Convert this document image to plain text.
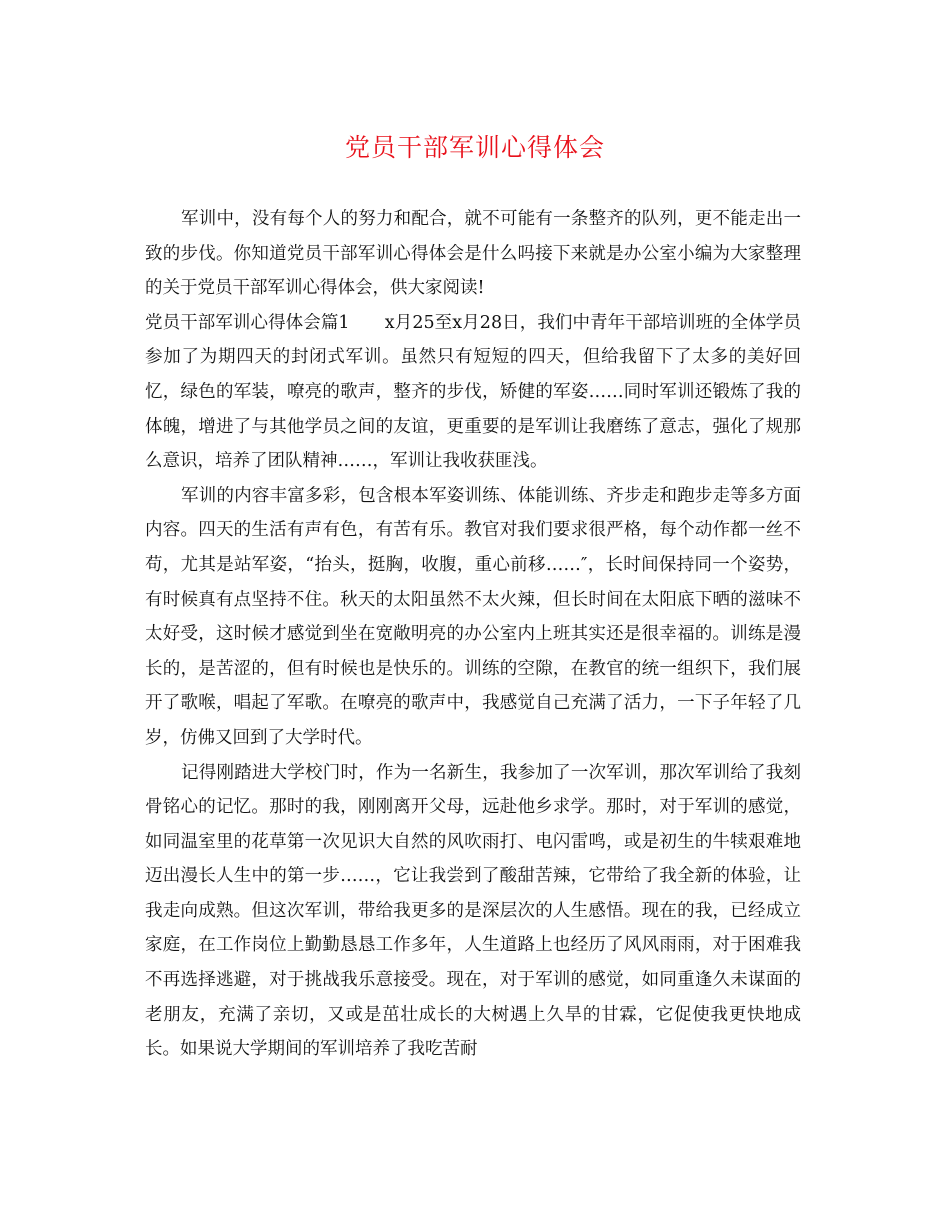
党员干部军训心得体会

军训中，没有每个人的努力和配合，就不可能有一条整齐的队列，更不能走出一致的步伐。你知道党员干部军训心得体会是什么吗接下来就是办公室小编为大家整理的关于党员干部军训心得体会，供大家阅读!

党员干部军训心得体会篇1　　x月25至x月28日，我们中青年干部培训班的全体学员参加了为期四天的封闭式军训。虽然只有短短的四天，但给我留下了太多的美好回忆，绿色的军装，嘹亮的歌声，整齐的步伐，矫健的军姿……同时军训还锻炼了我的体魄，增进了与其他学员之间的友谊，更重要的是军训让我磨练了意志，强化了规那么意识，培养了团队精神……，军训让我收获匪浅。

军训的内容丰富多彩，包含根本军姿训练、体能训练、齐步走和跑步走等多方面内容。四天的生活有声有色，有苦有乐。教官对我们要求很严格，每个动作都一丝不苟，尤其是站军姿，“抬头，挺胸，收腹，重心前移……″，长时间保持同一个姿势，有时候真有点坚持不住。秋天的太阳虽然不太火辣，但长时间在太阳底下晒的滋味不太好受，这时候才感觉到坐在宽敞明亮的办公室内上班其实还是很幸福的。训练是漫长的，是苦涩的，但有时候也是快乐的。训练的空隙，在教官的统一组织下，我们展开了歌喉，唱起了军歌。在嘹亮的歌声中，我感觉自己充满了活力，一下子年轻了几岁，仿佛又回到了大学时代。

记得刚踏进大学校门时，作为一名新生，我参加了一次军训，那次军训给了我刻骨铭心的记忆。那时的我，刚刚离开父母，远赴他乡求学。那时，对于军训的感觉，如同温室里的花草第一次见识大自然的风吹雨打、电闪雷鸣，或是初生的牛犊艰难地迈出漫长人生中的第一步……，它让我尝到了酸甜苦辣，它带给了我全新的体验，让我走向成熟。但这次军训，带给我更多的是深层次的人生感悟。现在的我，已经成立家庭，在工作岗位上勤勤恳恳工作多年，人生道路上也经历了风风雨雨，对于困难我不再选择逃避，对于挑战我乐意接受。现在，对于军训的感觉，如同重逢久未谋面的老朋友，充满了亲切，又或是茁壮成长的大树遇上久旱的甘霖，它促使我更快地成长。如果说大学期间的军训培养了我吃苦耐
